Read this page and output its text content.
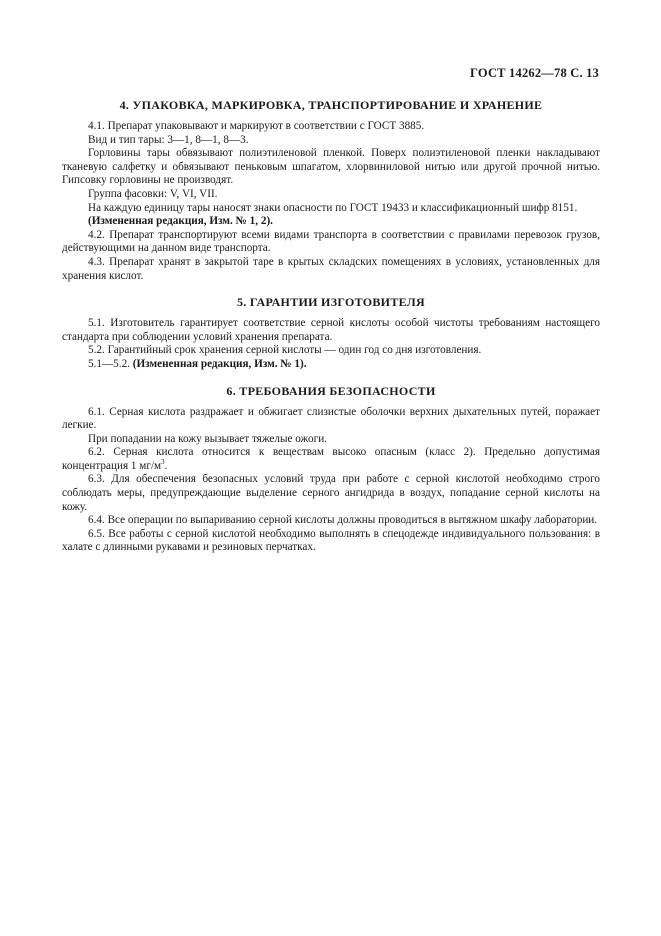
ГОСТ 14262—78 С. 13
4. УПАКОВКА, МАРКИРОВКА, ТРАНСПОРТИРОВАНИЕ И ХРАНЕНИЕ

4.1. Препарат упаковывают и маркируют в соответствии с ГОСТ 3885.

Вид и тип тары: 3—1, 8—1, 8—3.

Горловины тары обвязывают полиэтиленовой пленкой. Поверх полиэтиленовой пленки накладывают тканевую салфетку и обвязывают пеньковым шпагатом, хлорвиниловой нитью или другой прочной нитью. Гипсовку горловины не производят.

Группа фасовки: V, VI, VII.

На каждую единицу тары наносят знаки опасности по ГОСТ 19433 и классификационный шифр 8151.

(Измененная редакция, Изм. № 1, 2).

4.2. Препарат транспортируют всеми видами транспорта в соответствии с правилами перевозок грузов, действующими на данном виде транспорта.

4.3. Препарат хранят в закрытой таре в крытых складских помещениях в условиях, установленных для хранения кислот.

5. ГАРАНТИИ ИЗГОТОВИТЕЛЯ

5.1. Изготовитель гарантирует соответствие серной кислоты особой чистоты требованиям настоящего стандарта при соблюдении условий хранения препарата.

5.2. Гарантийный срок хранения серной кислоты — один год со дня изготовления.

5.1—5.2. (Измененная редакция, Изм. № 1).

6. ТРЕБОВАНИЯ БЕЗОПАСНОСТИ

6.1. Серная кислота раздражает и обжигает слизистые оболочки верхних дыхательных путей, поражает легкие.

При попадании на кожу вызывает тяжелые ожоги.

6.2. Серная кислота относится к веществам высоко опасным (класс 2). Предельно допустимая концентрация 1 $мг/м^3$.

6.3. Для обеспечения безопасных условий труда при работе с серной кислотой необходимо строго соблюдать меры, предупреждающие выделение серного ангидрида в воздух, попадание серной кислоты на кожу.

6.4. Все операции по выпариванию серной кислоты должны проводиться в вытяжном шкафу лаборатории.

6.5. Все работы с серной кислотой необходимо выполнять в спецодежде индивидуального пользования: в халате с длинными рукавами и резиновых перчатках.
